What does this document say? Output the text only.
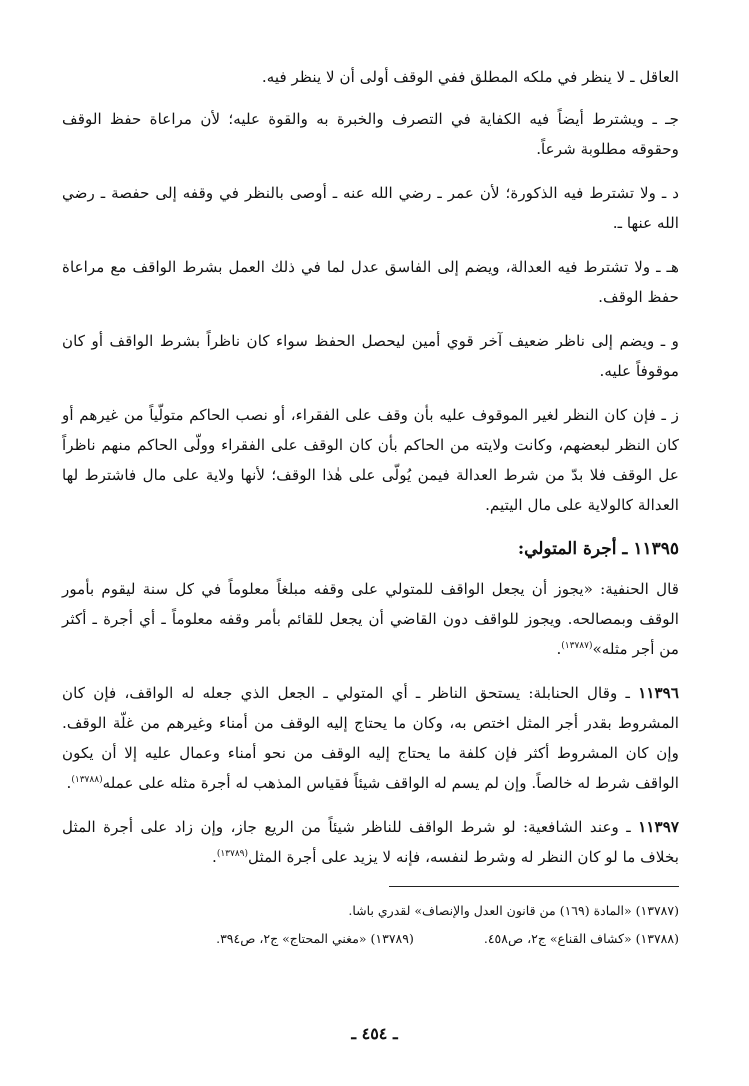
العاقل ـ لا ينظر في ملكه المطلق ففي الوقف أولى أن لا ينظر فيه.

جـ ـ ويشترط أيضاً فيه الكفاية في التصرف والخبرة به والقوة عليه؛ لأن مراعاة حفظ الوقف وحقوقه مطلوبة شرعاً.

د ـ ولا تشترط فيه الذكورة؛ لأن عمر ـ رضي الله عنه ـ أوصى بالنظر في وقفه إلى حفصة ـ رضي الله عنها ـ.

هـ ـ ولا تشترط فيه العدالة، ويضم إلى الفاسق عدل لما في ذلك العمل بشرط الواقف مع مراعاة حفظ الوقف.

و ـ ويضم إلى ناظر ضعيف آخر قوي أمين ليحصل الحفظ سواء كان ناظراً بشرط الواقف أو كان موقوفاً عليه.

ز ـ فإن كان النظر لغير الموقوف عليه بأن وقف على الفقراء، أو نصب الحاكم متولّياً من غيرهم أو كان النظر لبعضهم، وكانت ولايته من الحاكم بأن كان الوقف على الفقراء وولّى الحاكم منهم ناظراً عل الوقف فلا بدّ من شرط العدالة فيمن يُولّى على هٰذا الوقف؛ لأنها ولاية على مال فاشترط لها العدالة كالولاية على مال اليتيم.

١١٣٩٥ ـ أجرة المتولي:

قال الحنفية: «يجوز أن يجعل الواقف للمتولي على وقفه مبلغاً معلوماً في كل سنة ليقوم بأمور الوقف وبمصالحه. ويجوز للواقف دون القاضي أن يجعل للقائم بأمر وقفه معلوماً ـ أي أجرة ـ أكثر من أجر مثله»$^{(١٣٧٨٧)}$.

١١٣٩٦ ـ وقال الحنابلة: يستحق الناظر ـ أي المتولي ـ الجعل الذي جعله له الواقف، فإن كان المشروط بقدر أجر المثل اختص به، وكان ما يحتاج إليه الوقف من أمناء وغيرهم من غلّة الوقف. وإن كان المشروط أكثر فإن كلفة ما يحتاج إليه الوقف من نحو أمناء وعمال عليه إلا أن يكون الواقف شرط له خالصاً. وإن لم يسم له الواقف شيئاً فقياس المذهب له أجرة مثله على عمله$^{(١٣٧٨٨)}$.

١١٣٩٧ ـ وعند الشافعية: لو شرط الواقف للناظر شيئاً من الريع جاز، وإن زاد على أجرة المثل بخلاف ما لو كان النظر له وشرط لنفسه، فإنه لا يزيد على أجرة المثل$^{(١٣٧٨٩)}$.

(١٣٧٨٧) «المادة (١٦٩) من قانون العدل والإنصاف» لقدري باشا.
(١٣٧٨٨) «كشاف القناع» ج٢، ص٤٥٨.
(١٣٧٨٩) «مغني المحتاج» ج٢، ص٣٩٤.
ـ ٤٥٤ ـ
